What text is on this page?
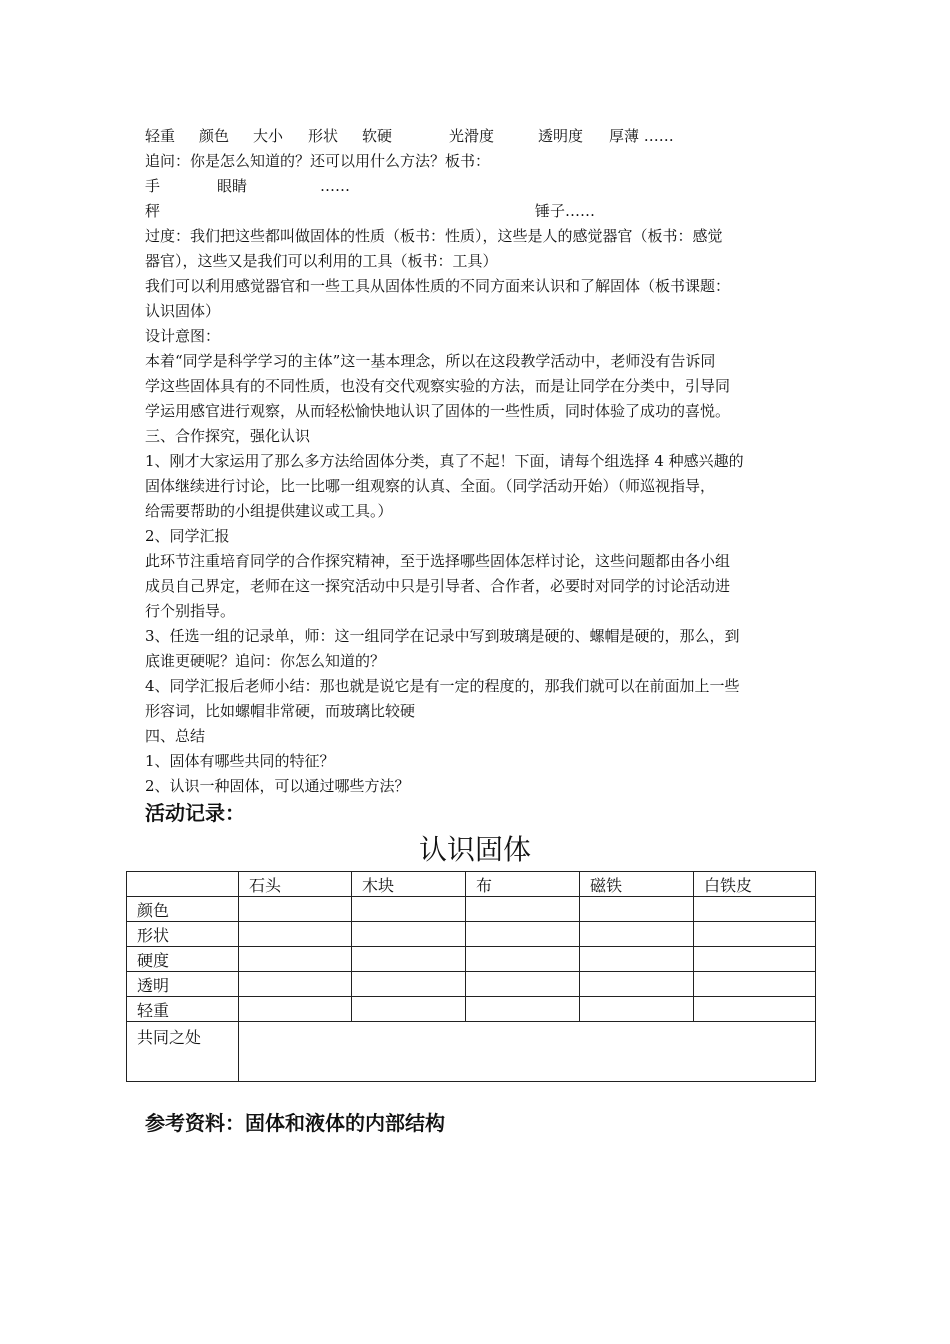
轻重 颜色 大小 形状 软硬	光滑度	透明度 厚薄 ……
追问：你是怎么知道的？还可以用什么方法？板书：
手	眼睛	……
秤	锤子……
过度：我们把这些都叫做固体的性质（板书：性质），这些是人的感觉器官（板书：感觉
器官），这些又是我们可以利用的工具（板书：工具）
我们可以利用感觉器官和一些工具从固体性质的不同方面来认识和了解固体（板书课题：
认识固体）
设计意图：
本着“同学是科学学习的主体”这一基本理念，所以在这段教学活动中，老师没有告诉同
学这些固体具有的不同性质，也没有交代观察实验的方法，而是让同学在分类中，引导同
学运用感官进行观察，从而轻松愉快地认识了固体的一些性质，同时体验了成功的喜悦。
三、合作探究，强化认识
1、刚才大家运用了那么多方法给固体分类，真了不起！下面，请每个组选择 4 种感兴趣的
固体继续进行讨论，比一比哪一组观察的认真、全面。（同学活动开始）（师巡视指导，
给需要帮助的小组提供建议或工具。）
2、同学汇报
此环节注重培育同学的合作探究精神，至于选择哪些固体怎样讨论，这些问题都由各小组
成员自己界定，老师在这一探究活动中只是引导者、合作者，必要时对同学的讨论活动进
行个别指导。
3、任选一组的记录单，师：这一组同学在记录中写到玻璃是硬的、螺帽是硬的，那么，到
底谁更硬呢？追问：你怎么知道的？
4、同学汇报后老师小结：那也就是说它是有一定的程度的，那我们就可以在前面加上一些
形容词，比如螺帽非常硬，而玻璃比较硬
四、总结
1、固体有哪些共同的特征？
2、认识一种固体，可以通过哪些方法？
活动记录：
认识固体
	石头	木块	布	磁铁	白铁皮
颜色					
形状					
硬度					
透明					
轻重					
共同之处					
参考资料：固体和液体的内部结构
